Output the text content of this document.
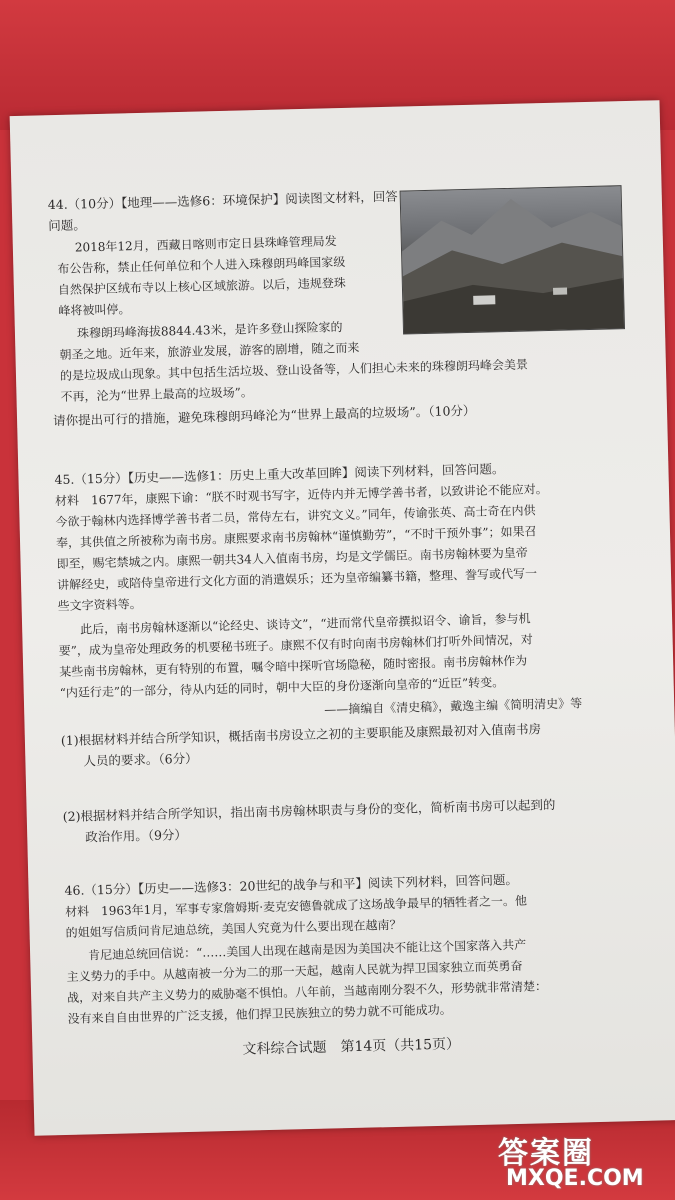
44.（10分）【地理——选修6：环境保护】阅读图文材料，回答
问题。
2018年12月，西藏日喀则市定日县珠峰管理局发
布公告称，禁止任何单位和个人进入珠穆朗玛峰国家级
自然保护区绒布寺以上核心区域旅游。以后，违规登珠
峰将被叫停。
珠穆朗玛峰海拔8844.43米，是许多登山探险家的
朝圣之地。近年来，旅游业发展，游客的剧增，随之而来
的是垃圾成山现象。其中包括生活垃圾、登山设备等，人们担心未来的珠穆朗玛峰会美景
不再，沦为“世界上最高的垃圾场”。
请你提出可行的措施，避免珠穆朗玛峰沦为“世界上最高的垃圾场”。（10分）
45.（15分）【历史——选修1：历史上重大改革回眸】阅读下列材料，回答问题。
材料　1677年，康熙下谕：“朕不时观书写字，近侍内并无博学善书者，以致讲论不能应对。
今欲于翰林内选择博学善书者二员，常侍左右，讲究文义。”同年，传谕张英、高士奇在内供
奉，其供值之所被称为南书房。康熙要求南书房翰林“谨慎勤劳”，“不时干预外事”；如果召
即至，赐宅禁城之内。康熙一朝共34人入值南书房，均是文学儒臣。南书房翰林要为皇帝
讲解经史，或陪侍皇帝进行文化方面的消遣娱乐；还为皇帝编纂书籍，整理、誊写或代写一
些文字资料等。
此后，南书房翰林逐渐以“论经史、谈诗文”，“进而常代皇帝撰拟诏令、谕旨，参与机
要”，成为皇帝处理政务的机要秘书班子。康熙不仅有时向南书房翰林们打听外间情况，对
某些南书房翰林，更有特别的布置，嘱令暗中探听官场隐秘，随时密报。南书房翰林作为
“内廷行走”的一部分，待从内廷的同时，朝中大臣的身份逐渐向皇帝的“近臣”转变。
——摘编自《清史稿》，戴逸主编《简明清史》等
(1)根据材料并结合所学知识，概括南书房设立之初的主要职能及康熙最初对入值南书房
人员的要求。（6分）
(2)根据材料并结合所学知识，指出南书房翰林职责与身份的变化，简析南书房可以起到的
政治作用。（9分）
46.（15分）【历史——选修3：20世纪的战争与和平】阅读下列材料，回答问题。
材料　1963年1月，军事专家詹姆斯·麦克安德鲁就成了这场战争最早的牺牲者之一。他
的姐姐写信质问肯尼迪总统，美国人究竟为什么要出现在越南？
肯尼迪总统回信说：“……美国人出现在越南是因为美国决不能让这个国家落入共产
主义势力的手中。从越南被一分为二的那一天起，越南人民就为捍卫国家独立而英勇奋
战，对来自共产主义势力的威胁毫不惧怕。八年前，当越南刚分裂不久，形势就非常清楚：
没有来自自由世界的广泛支援，他们捍卫民族独立的势力就不可能成功。
文科综合试题　第14页（共15页）
答案圈
MXQE.COM
